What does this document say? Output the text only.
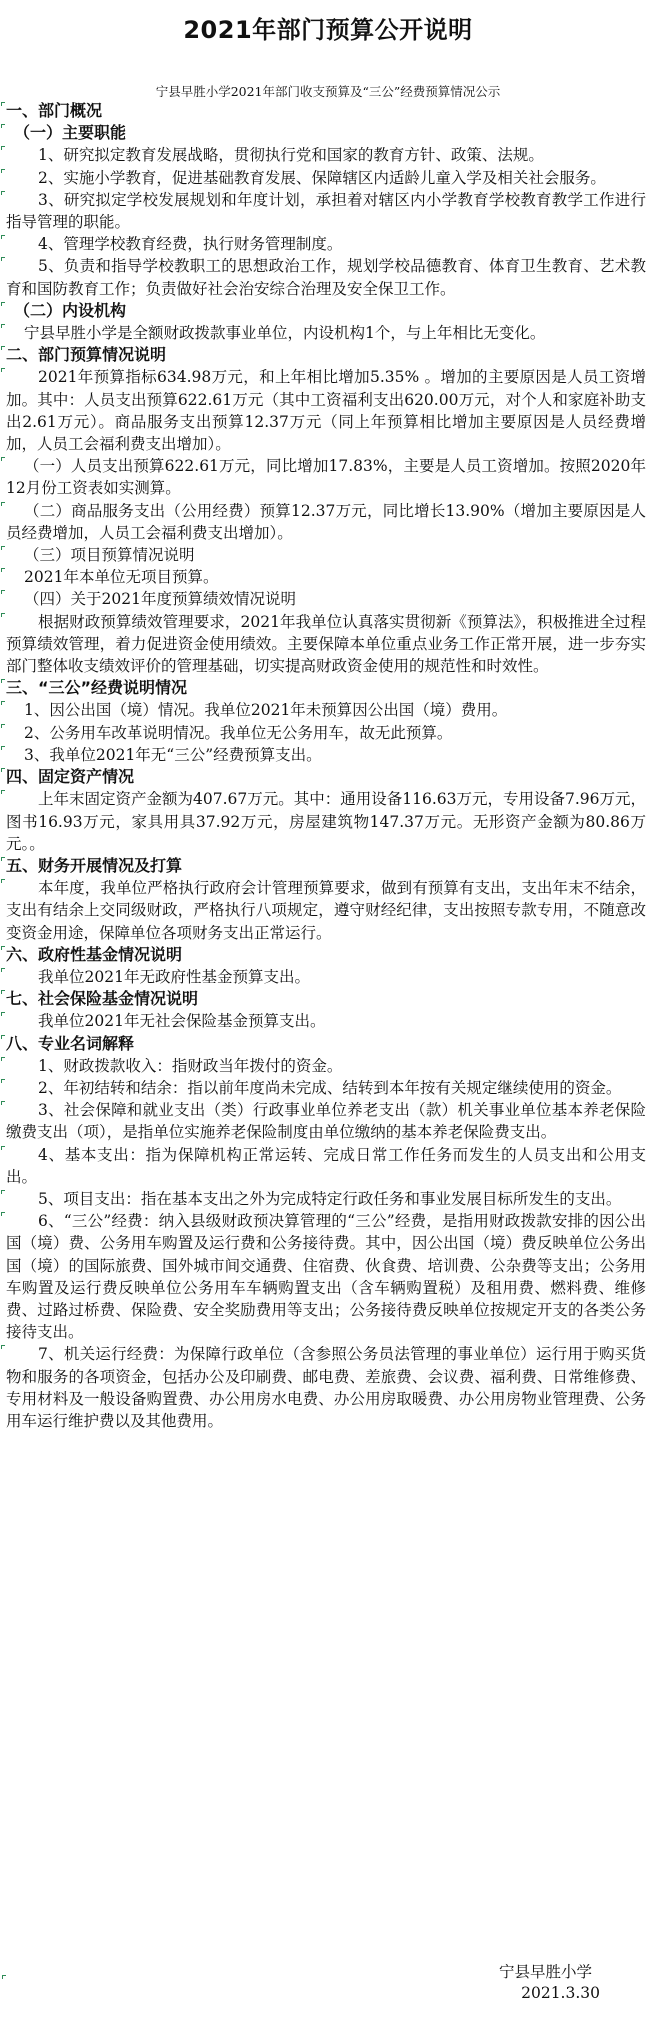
2021年部门预算公开说明
宁县早胜小学2021年部门收支预算及“三公”经费预算情况公示

一、部门概况

（一）主要职能

1、研究拟定教育发展战略，贯彻执行党和国家的教育方针、政策、法规。

2、实施小学教育，促进基础教育发展、保障辖区内适龄儿童入学及相关社会服务。

3、研究拟定学校发展规划和年度计划，承担着对辖区内小学教育学校教育教学工作进行指导管理的职能。

4、管理学校教育经费，执行财务管理制度。

5、负责和指导学校教职工的思想政治工作，规划学校品德教育、体育卫生教育、艺术教育和国防教育工作；负责做好社会治安综合治理及安全保卫工作。

（二）内设机构

宁县早胜小学是全额财政拨款事业单位，内设机构1个，与上年相比无变化。

二、部门预算情况说明

2021年预算指标634.98万元，和上年相比增加5.35% 。增加的主要原因是人员工资增加。其中：人员支出预算622.61万元（其中工资福利支出620.00万元，对个人和家庭补助支出2.61万元）。商品服务支出预算12.37万元（同上年预算相比增加主要原因是人员经费增加，人员工会福利费支出增加）。

（一）人员支出预算622.61万元，同比增加17.83%，主要是人员工资增加。按照2020年12月份工资表如实测算。

（二）商品服务支出（公用经费）预算12.37万元，同比增长13.90%（增加主要原因是人员经费增加，人员工会福利费支出增加）。

（三）项目预算情况说明

2021年本单位无项目预算。

（四）关于2021年度预算绩效情况说明

根据财政预算绩效管理要求，2021年我单位认真落实贯彻新《预算法》，积极推进全过程预算绩效管理，着力促进资金使用绩效。主要保障本单位重点业务工作正常开展，进一步夯实部门整体收支绩效评价的管理基础，切实提高财政资金使用的规范性和时效性。

三、“三公”经费说明情况

1、因公出国（境）情况。我单位2021年未预算因公出国（境）费用。

2、公务用车改革说明情况。我单位无公务用车，故无此预算。

3、我单位2021年无“三公”经费预算支出。

四、固定资产情况

上年末固定资产金额为407.67万元。其中：通用设备116.63万元，专用设备7.96万元，图书16.93万元，家具用具37.92万元，房屋建筑物147.37万元。无形资产金额为80.86万元。。

五、财务开展情况及打算

本年度，我单位严格执行政府会计管理预算要求，做到有预算有支出，支出年末不结余，支出有结余上交同级财政，严格执行八项规定，遵守财经纪律，支出按照专款专用，不随意改变资金用途，保障单位各项财务支出正常运行。

六、政府性基金情况说明

我单位2021年无政府性基金预算支出。

七、社会保险基金情况说明

我单位2021年无社会保险基金预算支出。

八、专业名词解释

1、财政拨款收入：指财政当年拨付的资金。

2、年初结转和结余：指以前年度尚未完成、结转到本年按有关规定继续使用的资金。

3、社会保障和就业支出（类）行政事业单位养老支出（款）机关事业单位基本养老保险缴费支出（项），是指单位实施养老保险制度由单位缴纳的基本养老保险费支出。

4、基本支出：指为保障机构正常运转、完成日常工作任务而发生的人员支出和公用支出。

5、项目支出：指在基本支出之外为完成特定行政任务和事业发展目标所发生的支出。

6、“三公”经费：纳入县级财政预决算管理的“三公”经费，是指用财政拨款安排的因公出国（境）费、公务用车购置及运行费和公务接待费。其中，因公出国（境）费反映单位公务出国（境）的国际旅费、国外城市间交通费、住宿费、伙食费、培训费、公杂费等支出；公务用车购置及运行费反映单位公务用车车辆购置支出（含车辆购置税）及租用费、燃料费、维修费、过路过桥费、保险费、安全奖励费用等支出；公务接待费反映单位按规定开支的各类公务接待支出。

7、机关运行经费：为保障行政单位（含参照公务员法管理的事业单位）运行用于购买货物和服务的各项资金，包括办公及印刷费、邮电费、差旅费、会议费、福利费、日常维修费、专用材料及一般设备购置费、办公用房水电费、办公用房取暖费、办公用房物业管理费、公务用车运行维护费以及其他费用。

宁县早胜小学
2021.3.30
